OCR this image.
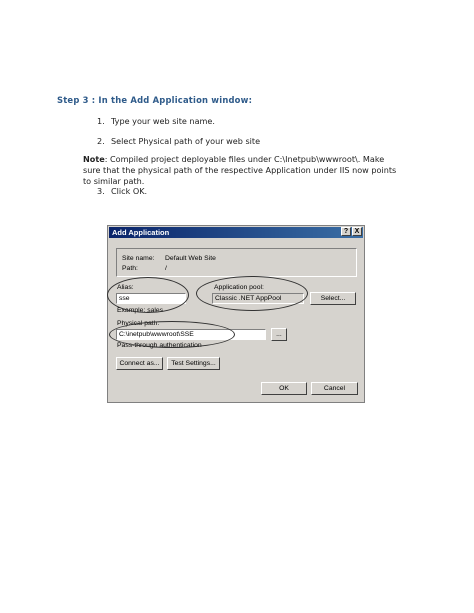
Step 3 : In the Add Application window:
1. Type your web site name.
2. Select Physical path of your web site
Note: Compiled project deployable files under C:\Inetpub\wwwroot\. Make sure that the physical path of the respective Application under IIS now points to similar path.
3. Click OK.
Add Application	? X
Site name: Default Web Site
Path:	/
Alias:
sse
Example: sales
Application pool:
Classic .NET AppPool	Select...
Physical path:
C:\inetpub\wwwroot\SSE	...
Pass-through authentication
Connect as...	Test Settings...
OK	Cancel
